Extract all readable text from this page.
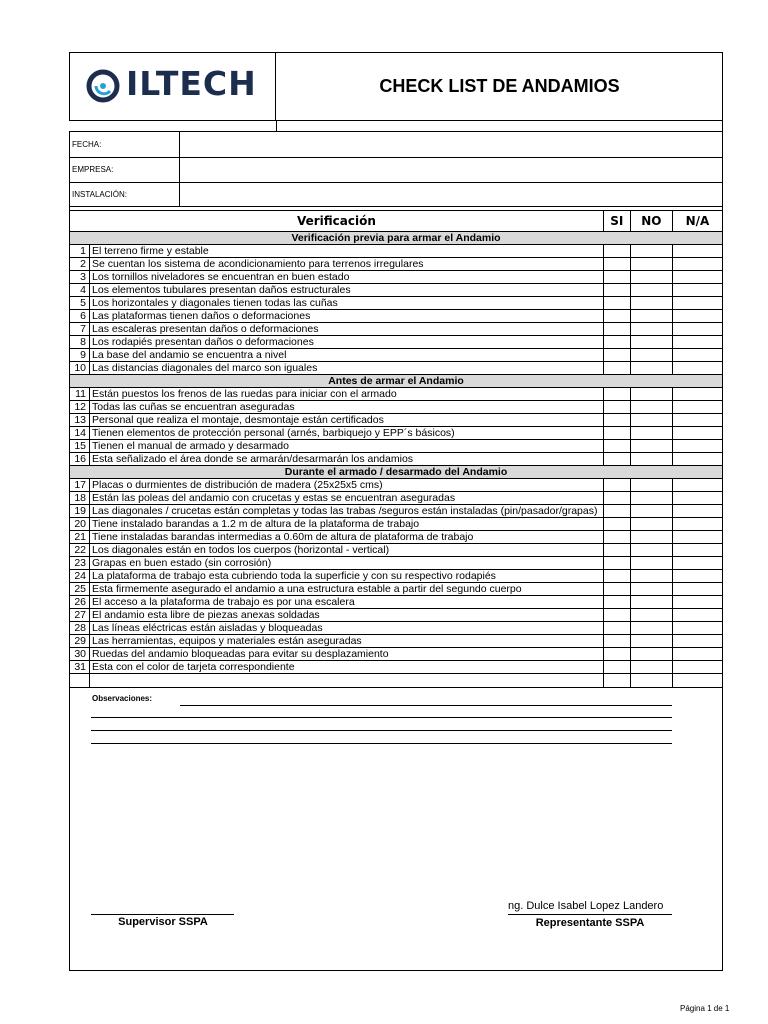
ILTECH	CHECK LIST DE ANDAMIOS
FECHA:
EMPRESA:
INSTALACIÓN:
Verificación		SI	NO	N/A
Verificación previa para armar el Andamio				
1	El terreno firme y estable			
2	Se cuentan los sistema de acondicionamiento para terrenos irregulares			
3	Los tornillos niveladores se encuentran en buen estado			
4	Los elementos tubulares presentan daños estructurales			
5	Los horizontales y diagonales tienen todas las cuñas			
6	Las plataformas tienen daños o deformaciones			
7	Las escaleras presentan daños o deformaciones			
8	Los rodapiés presentan daños o deformaciones			
9	La base del andamio se encuentra a nivel			
10	Las distancias diagonales del marco son iguales			
Antes de armar el Andamio				
11	Están puestos los frenos de las ruedas para iniciar con el armado			
12	Todas las cuñas se encuentran aseguradas			
13	Personal que realiza el montaje, desmontaje están certificados			
14	Tienen elementos de protección personal (arnés, barbiquejo y EPP´s básicos)			
15	Tienen el manual de armado y desarmado			
16	Esta señalizado el área donde se armarán/desarmarán los andamios			
Durante el armado / desarmado del Andamio				
17	Placas o durmientes de distribución de madera (25x25x5 cms)			
18	Están las poleas del andamio con crucetas y estas se encuentran aseguradas			
19	Las diagonales / crucetas están completas y todas las trabas /seguros están instaladas (pin/pasador/grapas)			
20	Tiene instalado barandas a 1.2 m de altura de la plataforma de trabajo			
21	Tiene instaladas barandas intermedias a 0.60m de altura de plataforma de trabajo			
22	Los diagonales están en todos los cuerpos (horizontal - vertical)			
23	Grapas en buen estado (sin corrosión)			
24	La plataforma de trabajo esta cubriendo toda la superficie y con su respectivo rodapiés			
25	Esta firmemente asegurado el andamio a una estructura estable a partir del segundo cuerpo			
26	El acceso a la plataforma de trabajo es por una escalera			
27	El andamio esta libre de piezas anexas soldadas			
28	Las líneas eléctricas están aisladas y bloqueadas			
29	Las herramientas, equipos y materiales están aseguradas			
30	Ruedas del andamio bloqueadas para evitar su desplazamiento			
31	Esta con el color de tarjeta correspondiente			

Observaciones:
ng. Dulce Isabel Lopez Landero
Supervisor SSPA	Representante SSPA
Página 1 de 1
